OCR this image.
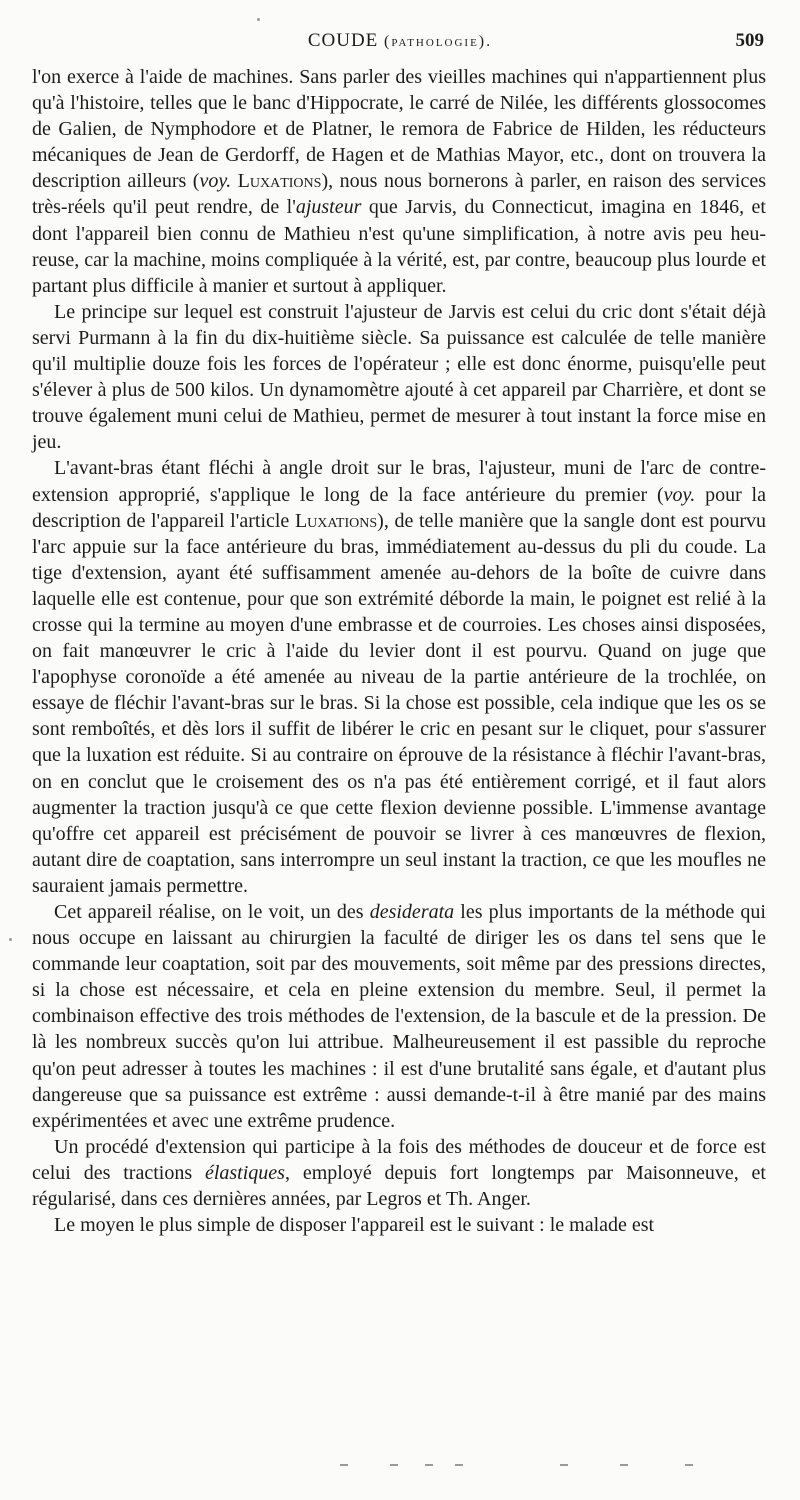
COUDE (pathologie).	509

l'on exerce à l'aide de machines. Sans parler des vieilles machines qui n'appartiennent plus qu'à l'histoire, telles que le banc d'Hippocrate, le carré de Nilée, les différents glossocomes de Galien, de Nymphodore et de Platner, le remora de Fabrice de Hilden, les réducteurs mécaniques de Jean de Gerdorff, de Hagen et de Mathias Mayor, etc., dont on trouvera la description ailleurs (voy. Luxations), nous nous bornerons à parler, en raison des services très-réels qu'il peut rendre, de l'ajusteur que Jarvis, du Connecticut, imagina en 1846, et dont l'appareil bien connu de Mathieu n'est qu'une simplification, à notre avis peu heureuse, car la machine, moins compliquée à la vérité, est, par contre, beaucoup plus lourde et partant plus difficile à manier et surtout à appliquer.

Le principe sur lequel est construit l'ajusteur de Jarvis est celui du cric dont s'était déjà servi Purmann à la fin du dix-huitième siècle. Sa puissance est calculée de telle manière qu'il multiplie douze fois les forces de l'opérateur ; elle est donc énorme, puisqu'elle peut s'élever à plus de 500 kilos. Un dynamomètre ajouté à cet appareil par Charrière, et dont se trouve également muni celui de Mathieu, permet de mesurer à tout instant la force mise en jeu.

L'avant-bras étant fléchi à angle droit sur le bras, l'ajusteur, muni de l'arc de contre-extension approprié, s'applique le long de la face antérieure du premier (voy. pour la description de l'appareil l'article Luxations), de telle manière que la sangle dont est pourvu l'arc appuie sur la face antérieure du bras, immédiatement au-dessus du pli du coude. La tige d'extension, ayant été suffisamment amenée au-dehors de la boîte de cuivre dans laquelle elle est contenue, pour que son extrémité déborde la main, le poignet est relié à la crosse qui la termine au moyen d'une embrasse et de courroies. Les choses ainsi disposées, on fait manœuvrer le cric à l'aide du levier dont il est pourvu. Quand on juge que l'apophyse coronoïde a été amenée au niveau de la partie antérieure de la trochlée, on essaye de fléchir l'avant-bras sur le bras. Si la chose est possible, cela indique que les os se sont remboîtés, et dès lors il suffit de libérer le cric en pesant sur le cliquet, pour s'assurer que la luxation est réduite. Si au contraire on éprouve de la résistance à fléchir l'avant-bras, on en conclut que le croisement des os n'a pas été entièrement corrigé, et il faut alors augmenter la traction jusqu'à ce que cette flexion devienne possible. L'immense avantage qu'offre cet appareil est précisément de pouvoir se livrer à ces manœuvres de flexion, autant dire de coaptation, sans interrompre un seul instant la traction, ce que les moufles ne sauraient jamais permettre.

Cet appareil réalise, on le voit, un des desiderata les plus importants de la méthode qui nous occupe en laissant au chirurgien la faculté de diriger les os dans tel sens que le commande leur coaptation, soit par des mouvements, soit même par des pressions directes, si la chose est nécessaire, et cela en pleine extension du membre. Seul, il permet la combinaison effective des trois méthodes de l'extension, de la bascule et de la pression. De là les nombreux succès qu'on lui attribue. Malheureusement il est passible du reproche qu'on peut adresser à toutes les machines : il est d'une brutalité sans égale, et d'autant plus dangereuse que sa puissance est extrême : aussi demande-t-il à être manié par des mains expérimentées et avec une extrême prudence.

Un procédé d'extension qui participe à la fois des méthodes de douceur et de force est celui des tractions élastiques, employé depuis fort longtemps par Maisonneuve, et régularisé, dans ces dernières années, par Legros et Th. Anger.

Le moyen le plus simple de disposer l'appareil est le suivant : le malade est
